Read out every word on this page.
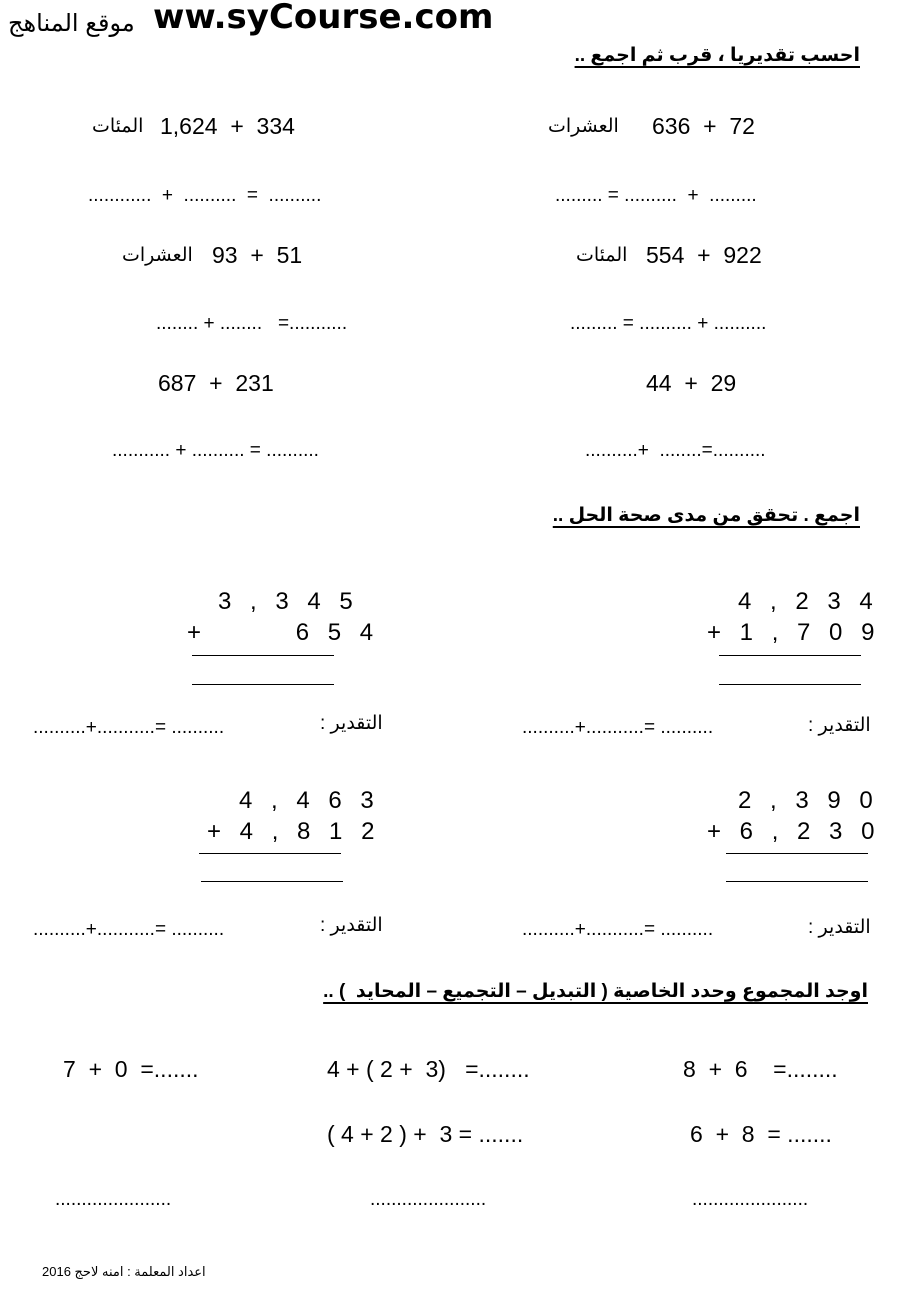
موقع المناهج ww.syCourse.com
احسب تقديريا ، قرب ثم اجمع ..
27  +  636
العشرات
......... = ..........  +  .........
1,624  +  334
المئات
............  +  ..........  =  ..........
229  +  455
المئات
......... = .......... + ..........
15  +  39
العشرات
........ + ........   =...........
44  +  29
..........+  ........=..........
687  +  231
........... + .......... = ..........
اجمع . تحقق من مدى صحة الحل ..
4 , 2 3 4
+ 1 , 7 0 9
3 , 3 4 5
+       6 5 4
التقدير :
..........+...........= ..........
التقدير :
..........+...........= ..........
2 , 3 9 0
+ 6 , 2 3 0
4 , 4 6 3
+ 4 , 8 1 2
التقدير :
..........+...........= ..........
التقدير :
..........+...........= ..........
اوجد المجموع وحدد الخاصية ( التبديل – التجميع – المحايد  ) ..
8  +  6    =........
4 + ( 2 +  3)   =........
7  +  0  =.......
6  +  8  = .......
( 4 + 2 ) +  3 = .......
......................
......................
......................
اعداد المعلمة : امنه لاحج 2016
